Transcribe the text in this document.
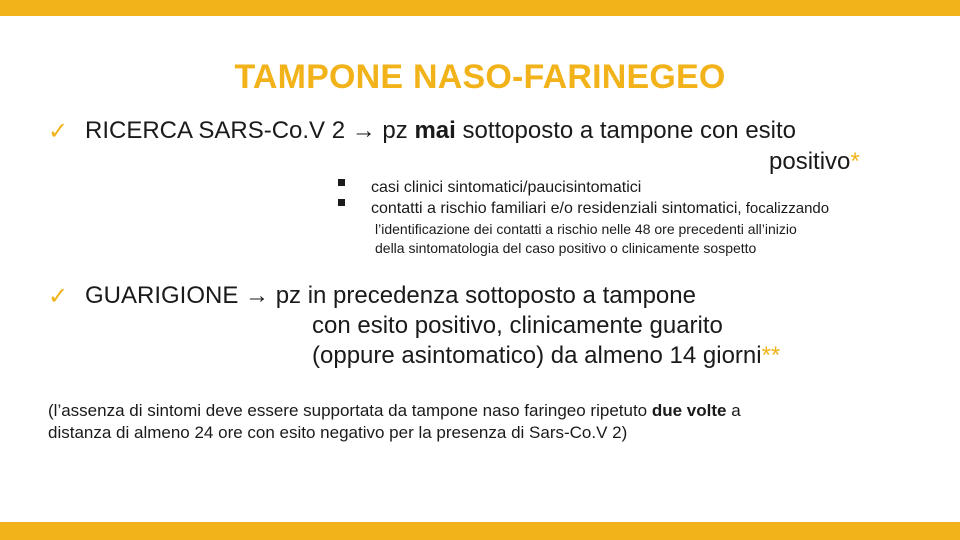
TAMPONE NASO-FARINEGEO
✓ RICERCA SARS-Co.V 2 → pz mai sottoposto a tampone con esito
positivo*
casi clinici sintomatici/paucisintomatici
contatti a rischio familiari e/o residenziali sintomatici, focalizzando
l’identificazione dei contatti a rischio nelle 48 ore precedenti all’inizio
della sintomatologia del caso positivo o clinicamente sospetto
✓ GUARIGIONE → pz in precedenza sottoposto a tampone
con esito positivo, clinicamente guarito
(oppure asintomatico) da almeno 14 giorni**
(l’assenza di sintomi deve essere supportata da tampone naso faringeo ripetuto due volte a
distanza di almeno 24 ore con esito negativo per la presenza di Sars-Co.V 2)
